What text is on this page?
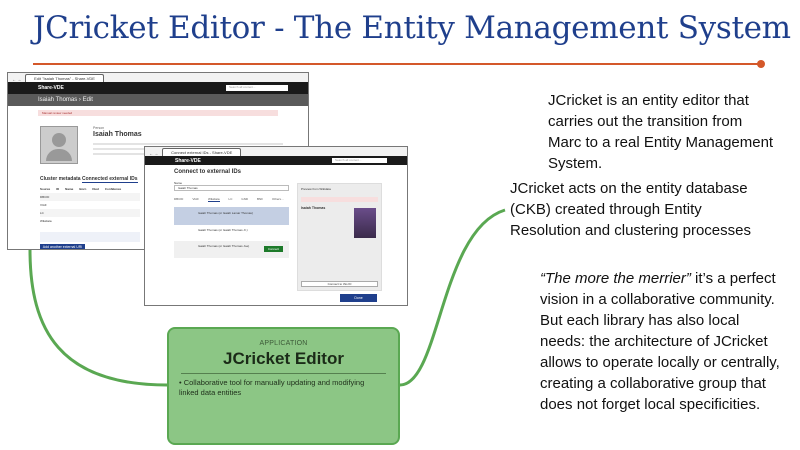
JCricket Editor - The Entity Management System
← →	Edit "Isaiah Thomas" - Share-VDE
Share-VDE	Search all content...
Isaiah Thomas › Edit
Manual review needed
Person
Isaiah Thomas
Cluster metadata Connected external IDs
Source ID Name Born Died Confidence
DBCID
VIAF
LC
Wikidata
Add another external URI
← →	Connect external IDs - Share-VDE
Share-VDE	Search all content...
Connect to external IDs
Name
Isaiah Thomas
DBCID	VIAF	Wikidata	LC	GND	BNF	Others...
Isaiah Thomas (or Isaiah Lamar Thomas)
Isaiah Thomas (or Isaiah Thomas Jr.)
Isaiah Thomas (or Isaiah Thomas Joe)
Connect
Preview from Wikidata
Isaiah Thomas
Connect to this ID
Done
APPLICATION
JCricket Editor
• Collaborative tool for manually updating and modifying linked data entities
JCricket is an entity editor that carries out the transition from Marc to a real Entity Management System.
JCricket acts on the entity database (CKB) created through Entity Resolution and clustering processes
“The more the merrier” it’s a perfect vision in a collaborative community. But each library has also local needs: the architecture of JCricket allows to operate locally or centrally, creating a collaborative group that does not forget local specificities.
